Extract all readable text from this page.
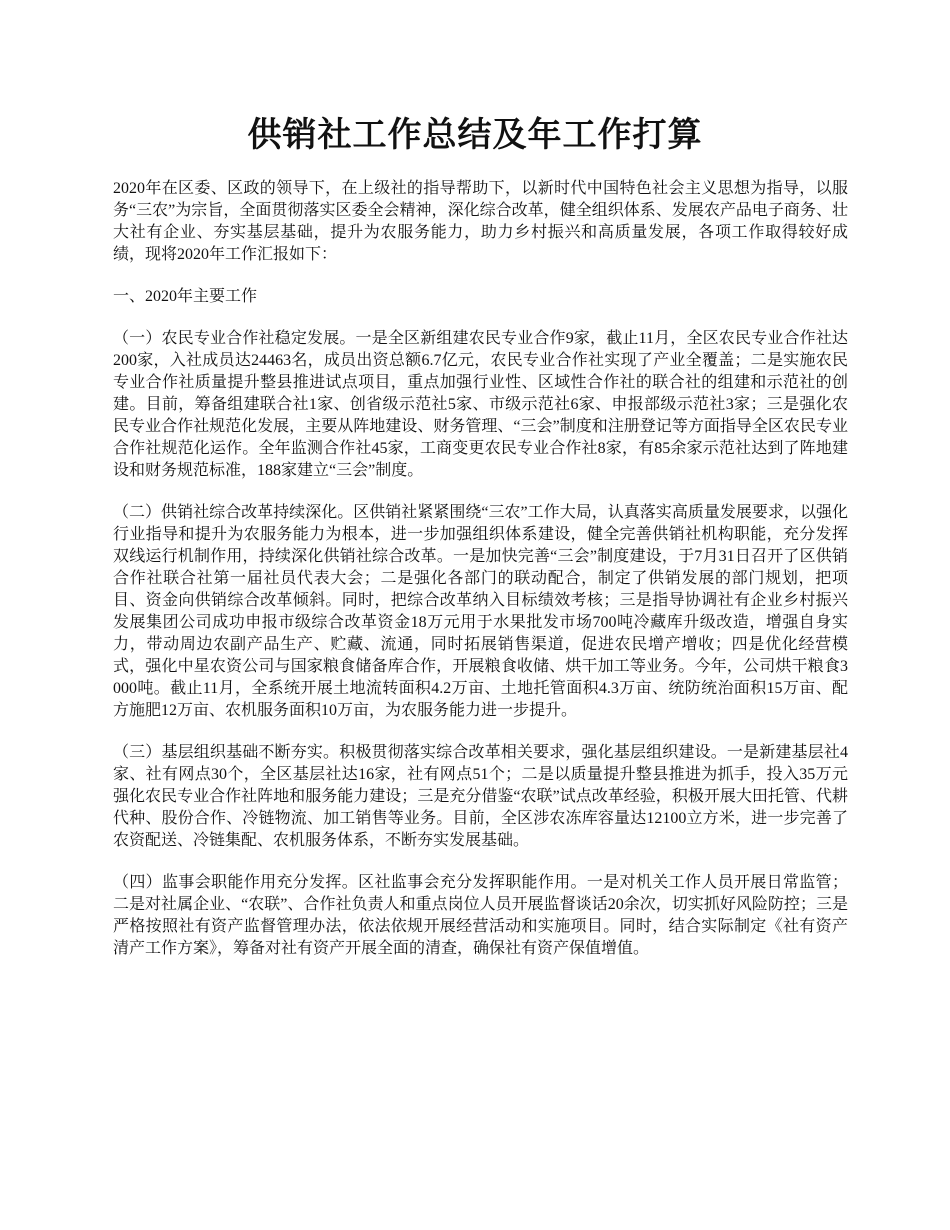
供销社工作总结及年工作打算

2020年在区委、区政的领导下，在上级社的指导帮助下，以新时代中国特色社会主义思想为指导，以服务“三农”为宗旨，全面贯彻落实区委全会精神，深化综合改革，健全组织体系、发展农产品电子商务、壮大社有企业、夯实基层基础，提升为农服务能力，助力乡村振兴和高质量发展，各项工作取得较好成绩，现将2020年工作汇报如下：

一、2020年主要工作

（一）农民专业合作社稳定发展。一是全区新组建农民专业合作9家，截止11月，全区农民专业合作社达200家，入社成员达24463名，成员出资总额6.7亿元，农民专业合作社实现了产业全覆盖；二是实施农民专业合作社质量提升整县推进试点项目，重点加强行业性、区域性合作社的联合社的组建和示范社的创建。目前，筹备组建联合社1家、创省级示范社5家、市级示范社6家、申报部级示范社3家；三是强化农民专业合作社规范化发展，主要从阵地建设、财务管理、“三会”制度和注册登记等方面指导全区农民专业合作社规范化运作。全年监测合作社45家，工商变更农民专业合作社8家，有85余家示范社达到了阵地建设和财务规范标准，188家建立“三会”制度。

（二）供销社综合改革持续深化。区供销社紧紧围绕“三农”工作大局，认真落实高质量发展要求，以强化行业指导和提升为农服务能力为根本，进一步加强组织体系建设，健全完善供销社机构职能，充分发挥双线运行机制作用，持续深化供销社综合改革。一是加快完善“三会”制度建设，于7月31日召开了区供销合作社联合社第一届社员代表大会；二是强化各部门的联动配合，制定了供销发展的部门规划，把项目、资金向供销综合改革倾斜。同时，把综合改革纳入目标绩效考核；三是指导协调社有企业乡村振兴发展集团公司成功申报市级综合改革资金18万元用于水果批发市场700吨冷藏库升级改造，增强自身实力，带动周边农副产品生产、贮藏、流通，同时拓展销售渠道，促进农民增产增收；四是优化经营模式，强化中星农资公司与国家粮食储备库合作，开展粮食收储、烘干加工等业务。今年，公司烘干粮食3000吨。截止11月，全系统开展土地流转面积4.2万亩、土地托管面积4.3万亩、统防统治面积15万亩、配方施肥12万亩、农机服务面积10万亩，为农服务能力进一步提升。

（三）基层组织基础不断夯实。积极贯彻落实综合改革相关要求，强化基层组织建设。一是新建基层社4家、社有网点30个，全区基层社达16家，社有网点51个；二是以质量提升整县推进为抓手，投入35万元强化农民专业合作社阵地和服务能力建设；三是充分借鉴“农联”试点改革经验，积极开展大田托管、代耕代种、股份合作、冷链物流、加工销售等业务。目前，全区涉农冻库容量达12100立方米，进一步完善了农资配送、冷链集配、农机服务体系，不断夯实发展基础。

（四）监事会职能作用充分发挥。区社监事会充分发挥职能作用。一是对机关工作人员开展日常监管；二是对社属企业、“农联”、合作社负责人和重点岗位人员开展监督谈话20余次，切实抓好风险防控；三是严格按照社有资产监督管理办法，依法依规开展经营活动和实施项目。同时，结合实际制定《社有资产清产工作方案》，筹备对社有资产开展全面的清查，确保社有资产保值增值。
